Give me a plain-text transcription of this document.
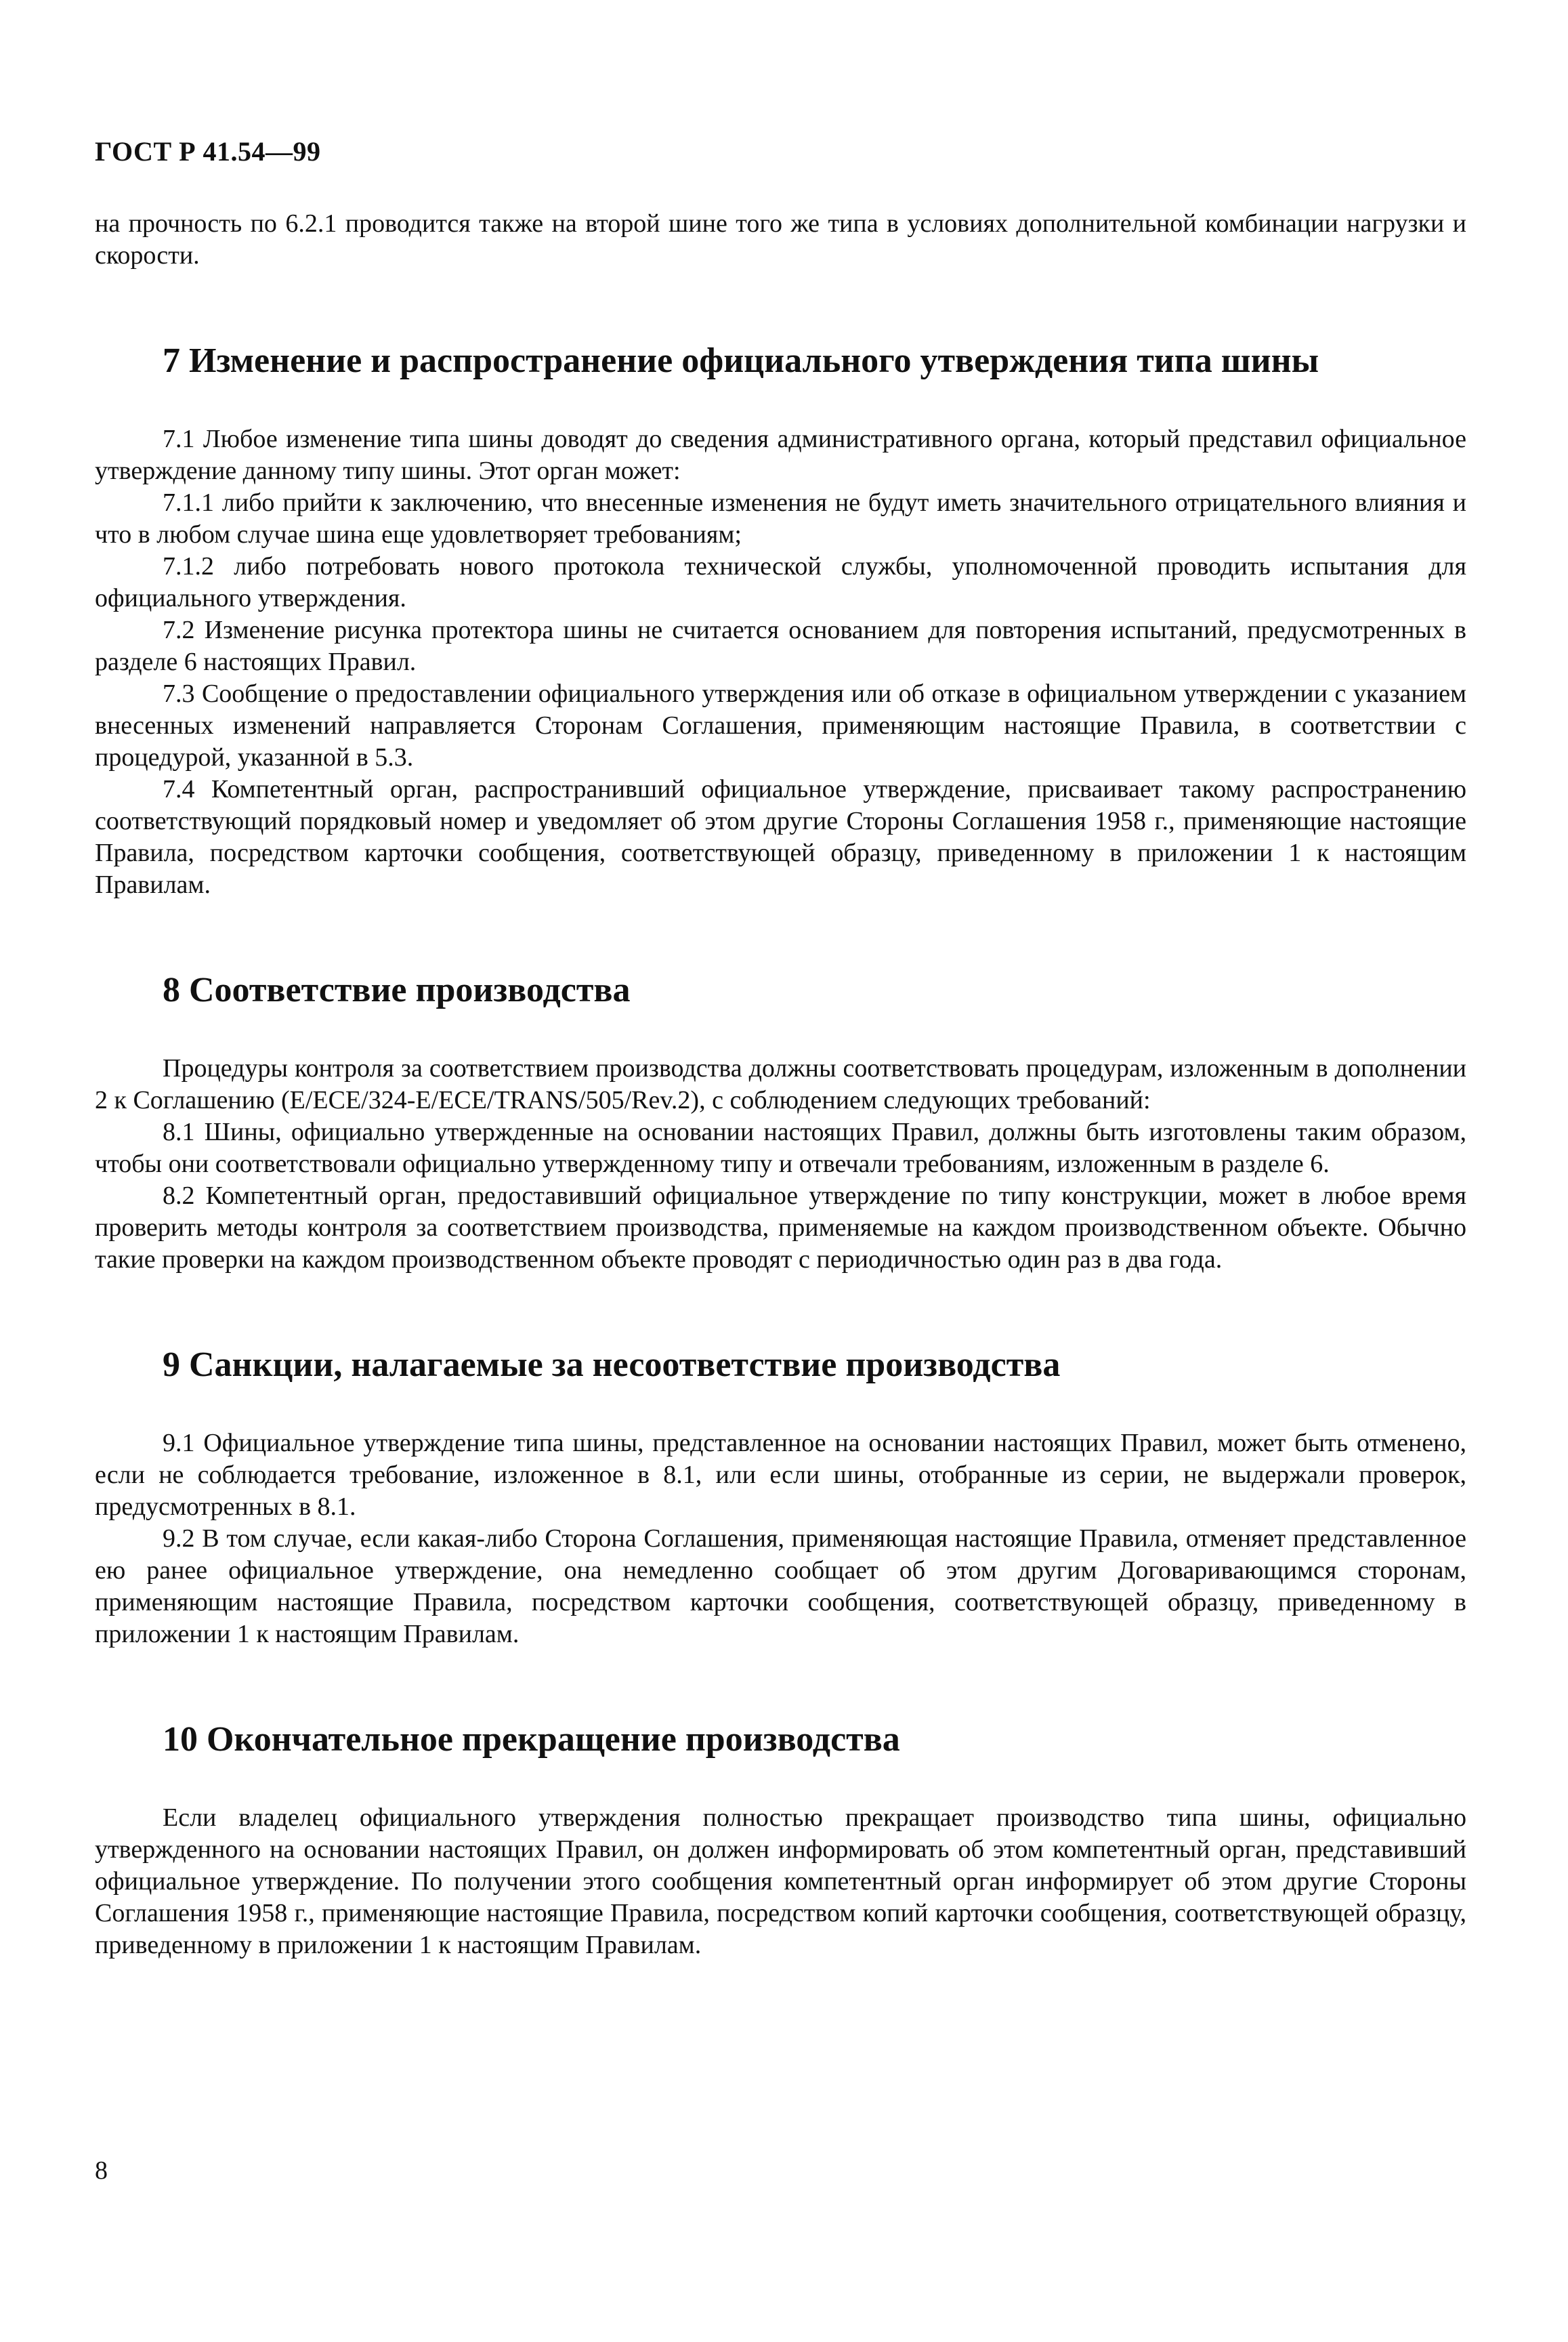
ГОСТ Р 41.54—99

на прочность по 6.2.1 проводится также на второй шине того же типа в условиях дополнительной комбинации нагрузки и скорости.

7 Изменение и распространение официального утверждения типа шины

7.1 Любое изменение типа шины доводят до сведения административного органа, который представил официальное утверждение данному типу шины. Этот орган может:

7.1.1 либо прийти к заключению, что внесенные изменения не будут иметь значительного отрицательного влияния и что в любом случае шина еще удовлетворяет требованиям;

7.1.2 либо потребовать нового протокола технической службы, уполномоченной проводить испытания для официального утверждения.

7.2 Изменение рисунка протектора шины не считается основанием для повторения испытаний, предусмотренных в разделе 6 настоящих Правил.

7.3 Сообщение о предоставлении официального утверждения или об отказе в официальном утверждении с указанием внесенных изменений направляется Сторонам Соглашения, применяющим настоящие Правила, в соответствии с процедурой, указанной в 5.3.

7.4 Компетентный орган, распространивший официальное утверждение, присваивает такому распространению соответствующий порядковый номер и уведомляет об этом другие Стороны Соглашения 1958 г., применяющие настоящие Правила, посредством карточки сообщения, соответствующей образцу, приведенному в приложении 1 к настоящим Правилам.

8 Соответствие производства

Процедуры контроля за соответствием производства должны соответствовать процедурам, изложенным в дополнении 2 к Соглашению (E/ECE/324-E/ECE/TRANS/505/Rev.2), с соблюдением следующих требований:

8.1 Шины, официально утвержденные на основании настоящих Правил, должны быть изготовлены таким образом, чтобы они соответствовали официально утвержденному типу и отвечали требованиям, изложенным в разделе 6.

8.2 Компетентный орган, предоставивший официальное утверждение по типу конструкции, может в любое время проверить методы контроля за соответствием производства, применяемые на каждом производственном объекте. Обычно такие проверки на каждом производственном объекте проводят с периодичностью один раз в два года.

9 Санкции, налагаемые за несоответствие производства

9.1 Официальное утверждение типа шины, представленное на основании настоящих Правил, может быть отменено, если не соблюдается требование, изложенное в 8.1, или если шины, отобранные из серии, не выдержали проверок, предусмотренных в 8.1.

9.2 В том случае, если какая-либо Сторона Соглашения, применяющая настоящие Правила, отменяет представленное ею ранее официальное утверждение, она немедленно сообщает об этом другим Договаривающимся сторонам, применяющим настоящие Правила, посредством карточки сообщения, соответствующей образцу, приведенному в приложении 1 к настоящим Правилам.

10 Окончательное прекращение производства

Если владелец официального утверждения полностью прекращает производство типа шины, официально утвержденного на основании настоящих Правил, он должен информировать об этом компетентный орган, представивший официальное утверждение. По получении этого сообщения компетентный орган информирует об этом другие Стороны Соглашения 1958 г., применяющие настоящие Правила, посредством копий карточки сообщения, соответствующей образцу, приведенному в приложении 1 к настоящим Правилам.

8
